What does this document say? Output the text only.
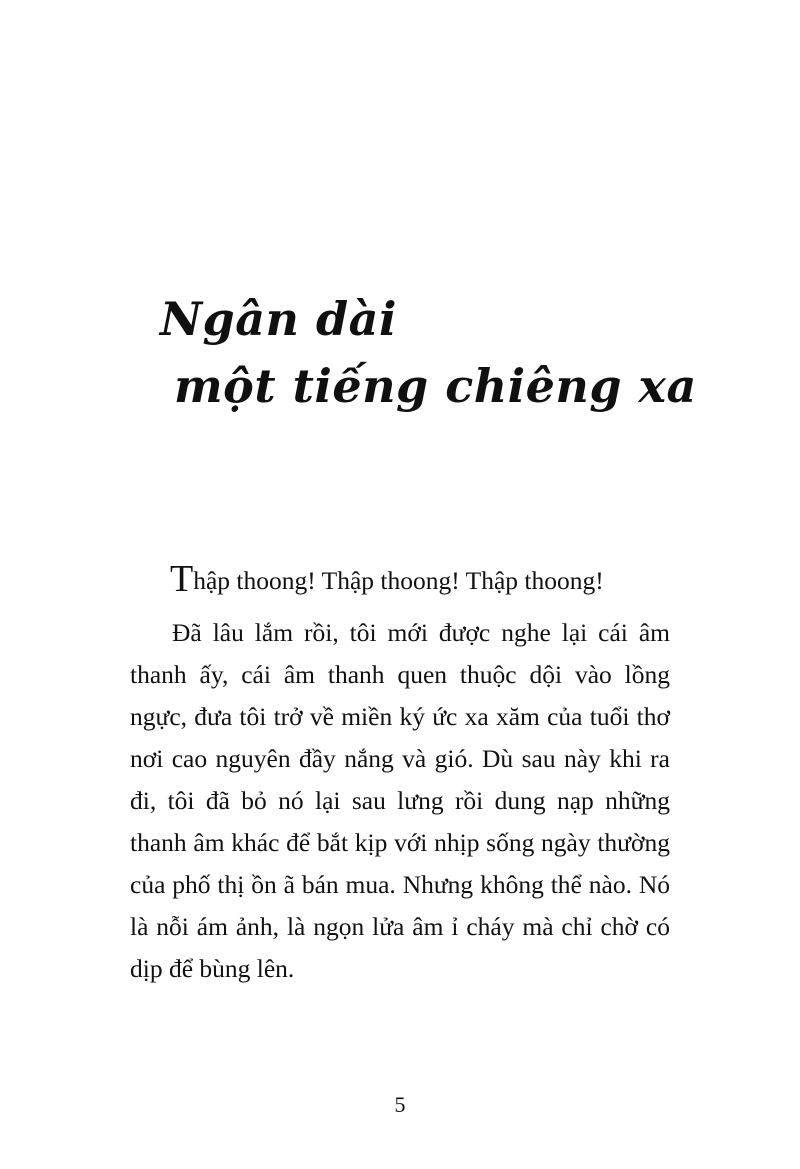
Ngân dài
một tiếng chiêng xa

Thập thoong! Thập thoong! Thập thoong!

Đã lâu lắm rồi, tôi mới được nghe lại cái âm thanh ấy, cái âm thanh quen thuộc dội vào lồng ngực, đưa tôi trở về miền ký ức xa xăm của tuổi thơ nơi cao nguyên đầy nắng và gió. Dù sau này khi ra đi, tôi đã bỏ nó lại sau lưng rồi dung nạp những thanh âm khác để bắt kịp với nhịp sống ngày thường của phố thị ồn ã bán mua. Nhưng không thể nào. Nó là nỗi ám ảnh, là ngọn lửa âm ỉ cháy mà chỉ chờ có dịp để bùng lên.

5
